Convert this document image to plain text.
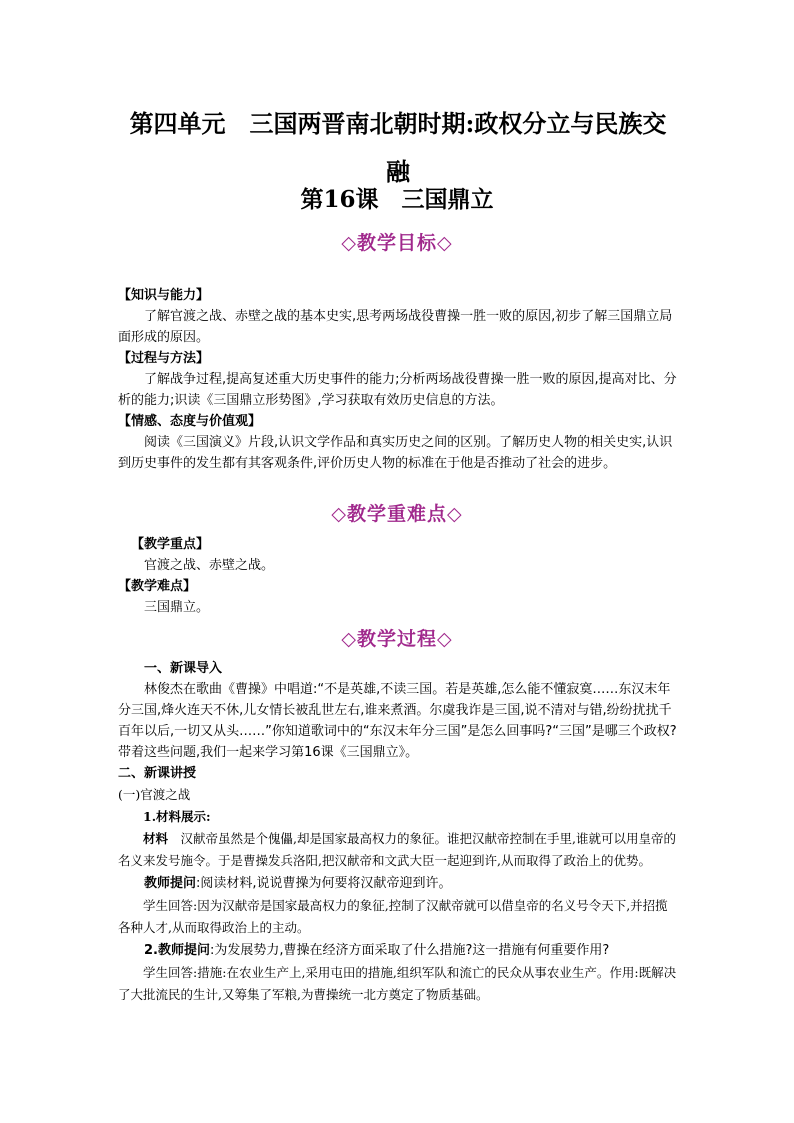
第四单元　三国两晋南北朝时期:政权分立与民族交融
第16课　三国鼎立
◇教学目标◇

【知识与能力】

了解官渡之战、赤壁之战的基本史实,思考两场战役曹操一胜一败的原因,初步了解三国鼎立局面形成的原因。

【过程与方法】

了解战争过程,提高复述重大历史事件的能力;分析两场战役曹操一胜一败的原因,提高对比、分析的能力;识读《三国鼎立形势图》,学习获取有效历史信息的方法。

【情感、态度与价值观】

阅读《三国演义》片段,认识文学作品和真实历史之间的区别。了解历史人物的相关史实,认识到历史事件的发生都有其客观条件,评价历史人物的标准在于他是否推动了社会的进步。

◇教学重难点◇

【教学重点】

官渡之战、赤壁之战。

【教学难点】

三国鼎立。

◇教学过程◇

一、新课导入

林俊杰在歌曲《曹操》中唱道:“不是英雄,不读三国。若是英雄,怎么能不懂寂寞……东汉末年分三国,烽火连天不休,儿女情长被乱世左右,谁来煮酒。尔虞我诈是三国,说不清对与错,纷纷扰扰千百年以后,一切又从头……”你知道歌词中的“东汉末年分三国”是怎么回事吗?“三国”是哪三个政权?带着这些问题,我们一起来学习第16课《三国鼎立》。

二、新课讲授

(一)官渡之战

1.材料展示:

材料　汉献帝虽然是个傀儡,却是国家最高权力的象征。谁把汉献帝控制在手里,谁就可以用皇帝的名义来发号施令。于是曹操发兵洛阳,把汉献帝和文武大臣一起迎到许,从而取得了政治上的优势。

教师提问:阅读材料,说说曹操为何要将汉献帝迎到许。

学生回答:因为汉献帝是国家最高权力的象征,控制了汉献帝就可以借皇帝的名义号令天下,并招揽各种人才,从而取得政治上的主动。

2.教师提问:为发展势力,曹操在经济方面采取了什么措施?这一措施有何重要作用?

学生回答:措施:在农业生产上,采用屯田的措施,组织军队和流亡的民众从事农业生产。作用:既解决了大批流民的生计,又筹集了军粮,为曹操统一北方奠定了物质基础。
